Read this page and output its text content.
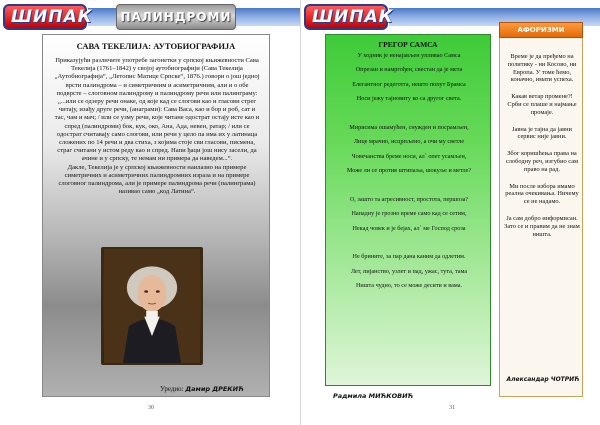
ШИПАК	ПАЛИНДРОМИ
САВА ТЕКЕЛИЈА: АУТОБИОГРАФИЈА

Приказујући различите употребе загонетки у српској књижевности Сава Текелија (1761–1842) у својој аутобиографији (Сава Текелија „Аутобиографија“, „Летопис Матице Српске“, 1876.) говори о још једној врсти палиндрома – и симетричним и асиметричним, али и о обе подврсте – слоговном палиндрому и палиндрому речи или палинграму:

„...или се одзеру речи онаке, од које кад се слогови као и гласови стрег читају, изађу друге речи, (анаграми): Сава Васа, као и бор и роб, сат и тас, чам и мач; / или се узму речи, које читане одострат остају исте као и спред (палиндроми) бок, кук, око, Ана, Ада, невен, ратар; / или се одострат считавају само слогови, или речи у цело па има их у латинаца сложених по 14 речи и два стиха, з којима стоје сви гласови, писмена, страг считани у истом реду као и спред. Напи ђаци још нису засели, да ачине и у српску, те немам ни примера да наведем...“.

Дакле, Текелија је у српској књижевности наилазио на примере симетричних и асиметричних палиндромних израза и на примере слоговног палиндрома, али је примере палиндрома речи (палинграма) називао само „код Латина“.

Уредио: Дамир ДРЕКИЋ
30
ШИПАК
ГРЕГОР САМСА
У ходник је ненајављен упливао Самса
Опрезан и намргођен, свестан да је мета
Елегантног редеготга, нешто попут Брамса
Носи јежу тајновиту ко са другог света.
Мирисима ошамућен, снужден и посрамљен,
Лице мрачно, исцрпљено, а очи му светле
Човечанства бреме носи, ал` опет усамљен,
Може ли се против штипаља, шокуље и метле?
О, зашто та агресивност, простота, першоза?
Нападну је грозно време само кад се сетим,
Некад човек и је бејах, ал` ме Господ сроза
Не брините, за пар дана каним да одлетим.
Лет, пијанство, узлет и пад, ужас, тута, тама
Ништа чудно, то се може десити и вама.
Радмила МИЋКОВИЋ
АФОРИЗМИ
Време је да пређемо на политику - ни Косово, ни Европа. У томе ћемо, коначно, имати успеха.
Какав ветар промене?! Срби се плаше и најмање промаје.
Јавна је тајна да јавни сервис није јавни.
Због коришћења права на слободну реч, изгубио сам право на рад.
Ми после избора имамо реална очекивања. Ничему се не надамо.
Ја сам добро информисан. Зато се и правим да не знам ништа.
Александар ЧОТРИЋ
31
